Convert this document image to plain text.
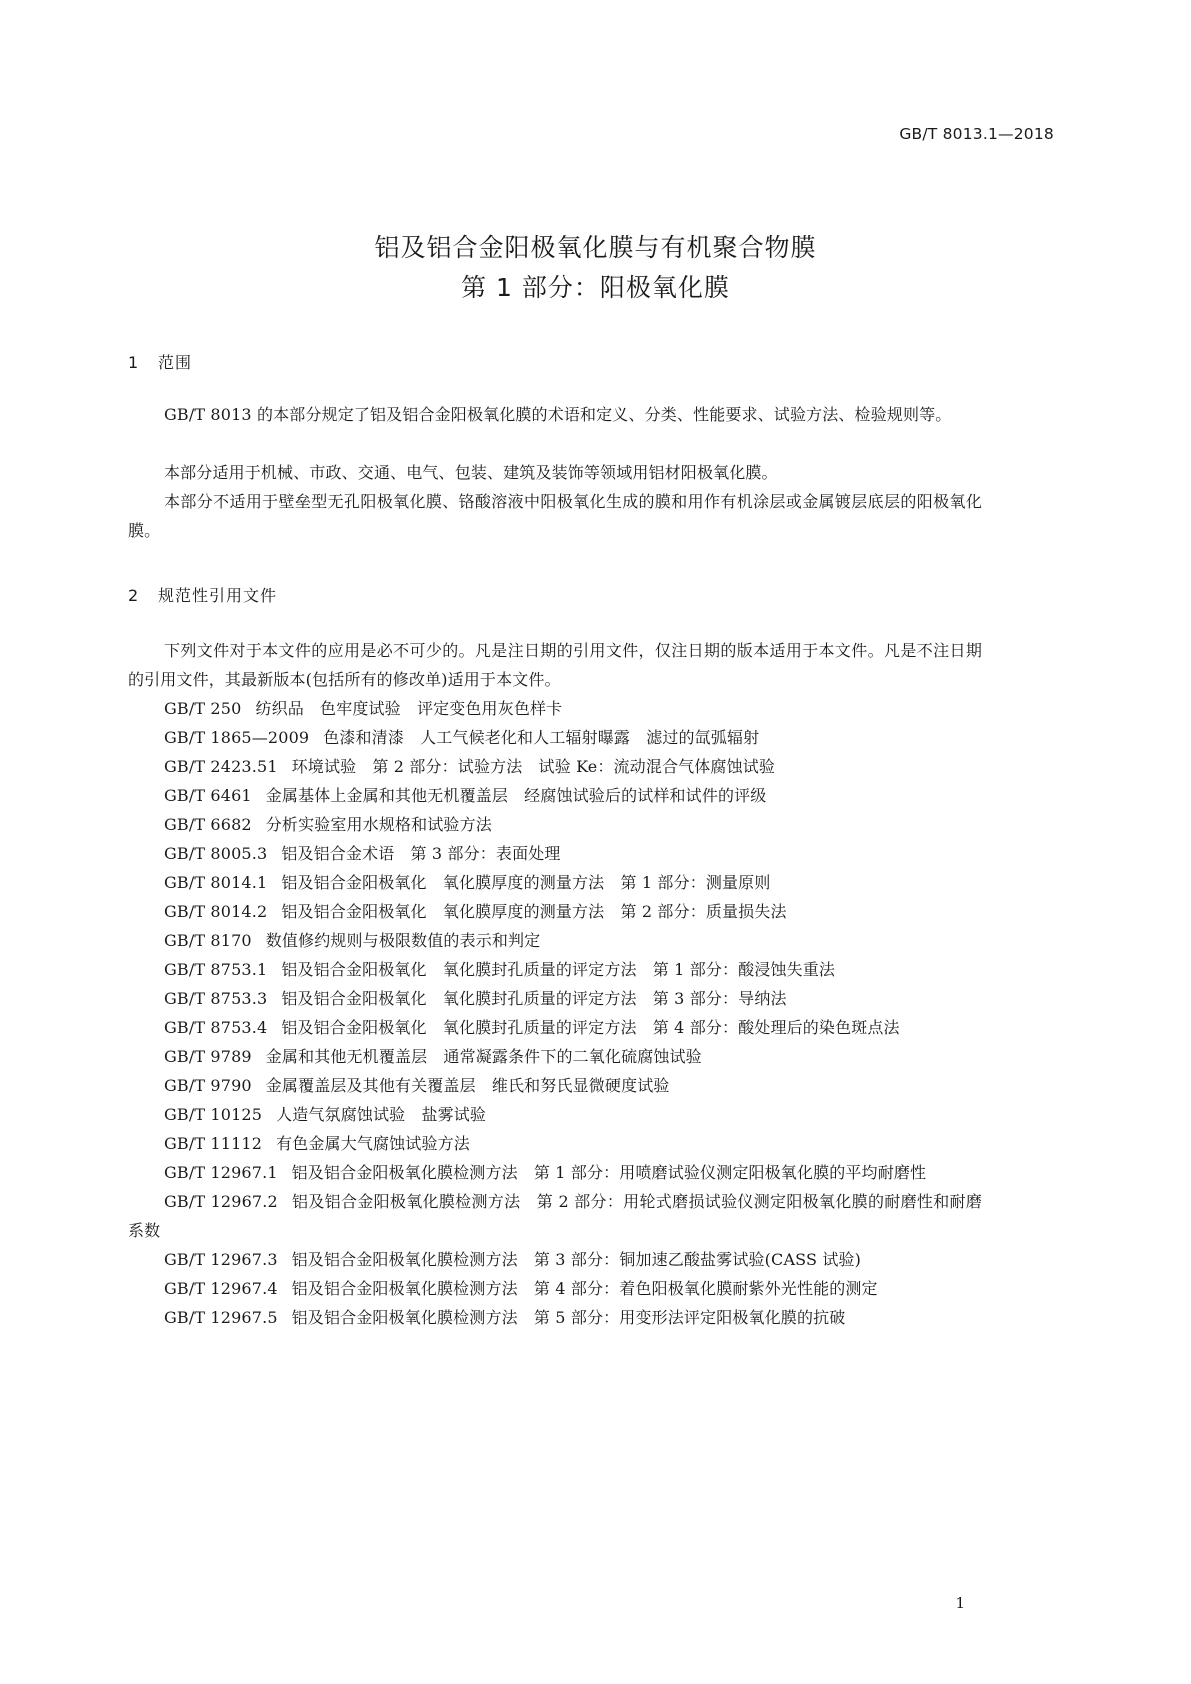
GB/T 8013.1—2018
铝及铝合金阳极氧化膜与有机聚合物膜
第 1 部分：阳极氧化膜
1 范围
GB/T 8013 的本部分规定了铝及铝合金阳极氧化膜的术语和定义、分类、性能要求、试验方法、检验规则等。
本部分适用于机械、市政、交通、电气、包装、建筑及装饰等领域用铝材阳极氧化膜。
本部分不适用于壁垒型无孔阳极氧化膜、铬酸溶液中阳极氧化生成的膜和用作有机涂层或金属镀层底层的阳极氧化膜。
2 规范性引用文件
下列文件对于本文件的应用是必不可少的。凡是注日期的引用文件，仅注日期的版本适用于本文件。凡是不注日期的引用文件，其最新版本(包括所有的修改单)适用于本文件。
GB/T 250 纺织品　色牢度试验　评定变色用灰色样卡
GB/T 1865—2009 色漆和清漆　人工气候老化和人工辐射曝露　滤过的氙弧辐射
GB/T 2423.51 环境试验　第 2 部分：试验方法　试验 Ke：流动混合气体腐蚀试验
GB/T 6461 金属基体上金属和其他无机覆盖层　经腐蚀试验后的试样和试件的评级
GB/T 6682 分析实验室用水规格和试验方法
GB/T 8005.3 铝及铝合金术语　第 3 部分：表面处理
GB/T 8014.1 铝及铝合金阳极氧化　氧化膜厚度的测量方法　第 1 部分：测量原则
GB/T 8014.2 铝及铝合金阳极氧化　氧化膜厚度的测量方法　第 2 部分：质量损失法
GB/T 8170 数值修约规则与极限数值的表示和判定
GB/T 8753.1 铝及铝合金阳极氧化　氧化膜封孔质量的评定方法　第 1 部分：酸浸蚀失重法
GB/T 8753.3 铝及铝合金阳极氧化　氧化膜封孔质量的评定方法　第 3 部分：导纳法
GB/T 8753.4 铝及铝合金阳极氧化　氧化膜封孔质量的评定方法　第 4 部分：酸处理后的染色斑点法
GB/T 9789 金属和其他无机覆盖层　通常凝露条件下的二氧化硫腐蚀试验
GB/T 9790 金属覆盖层及其他有关覆盖层　维氏和努氏显微硬度试验
GB/T 10125 人造气氛腐蚀试验　盐雾试验
GB/T 11112 有色金属大气腐蚀试验方法
GB/T 12967.1 铝及铝合金阳极氧化膜检测方法　第 1 部分：用喷磨试验仪测定阳极氧化膜的平均耐磨性
GB/T 12967.2 铝及铝合金阳极氧化膜检测方法　第 2 部分：用轮式磨损试验仪测定阳极氧化膜的耐磨性和耐磨系数
GB/T 12967.3 铝及铝合金阳极氧化膜检测方法　第 3 部分：铜加速乙酸盐雾试验(CASS 试验)
GB/T 12967.4 铝及铝合金阳极氧化膜检测方法　第 4 部分：着色阳极氧化膜耐紫外光性能的测定
GB/T 12967.5 铝及铝合金阳极氧化膜检测方法　第 5 部分：用变形法评定阳极氧化膜的抗破
1
